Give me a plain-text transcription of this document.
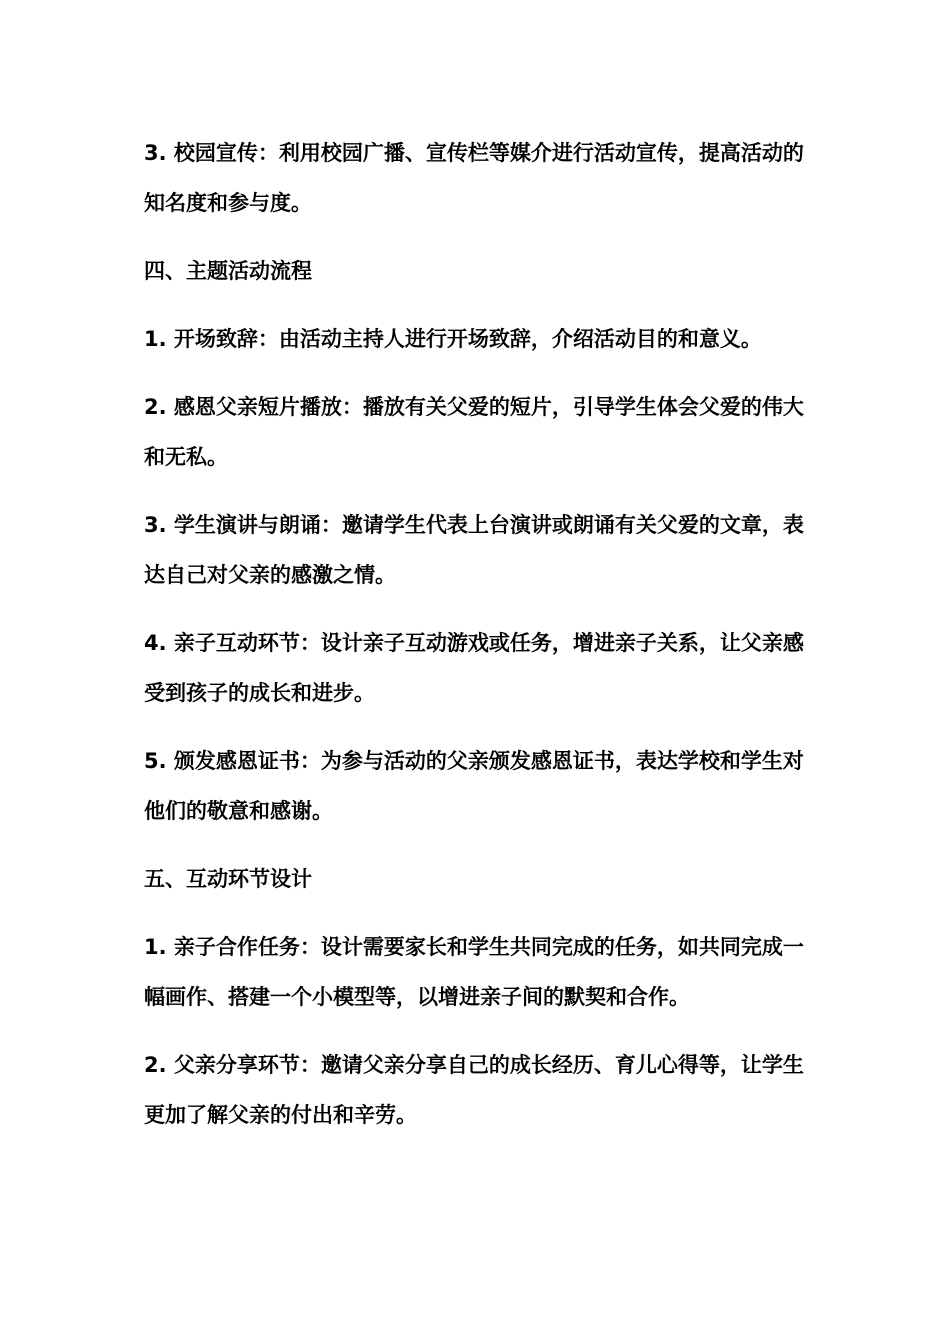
3. 校园宣传：利用校园广播、宣传栏等媒介进行活动宣传，提高活动的知名度和参与度。

四、主题活动流程

1. 开场致辞：由活动主持人进行开场致辞，介绍活动目的和意义。

2. 感恩父亲短片播放：播放有关父爱的短片，引导学生体会父爱的伟大和无私。

3. 学生演讲与朗诵：邀请学生代表上台演讲或朗诵有关父爱的文章，表达自己对父亲的感激之情。

4. 亲子互动环节：设计亲子互动游戏或任务，增进亲子关系，让父亲感受到孩子的成长和进步。

5. 颁发感恩证书：为参与活动的父亲颁发感恩证书，表达学校和学生对他们的敬意和感谢。

五、互动环节设计

1. 亲子合作任务：设计需要家长和学生共同完成的任务，如共同完成一幅画作、搭建一个小模型等，以增进亲子间的默契和合作。

2. 父亲分享环节：邀请父亲分享自己的成长经历、育儿心得等，让学生更加了解父亲的付出和辛劳。
